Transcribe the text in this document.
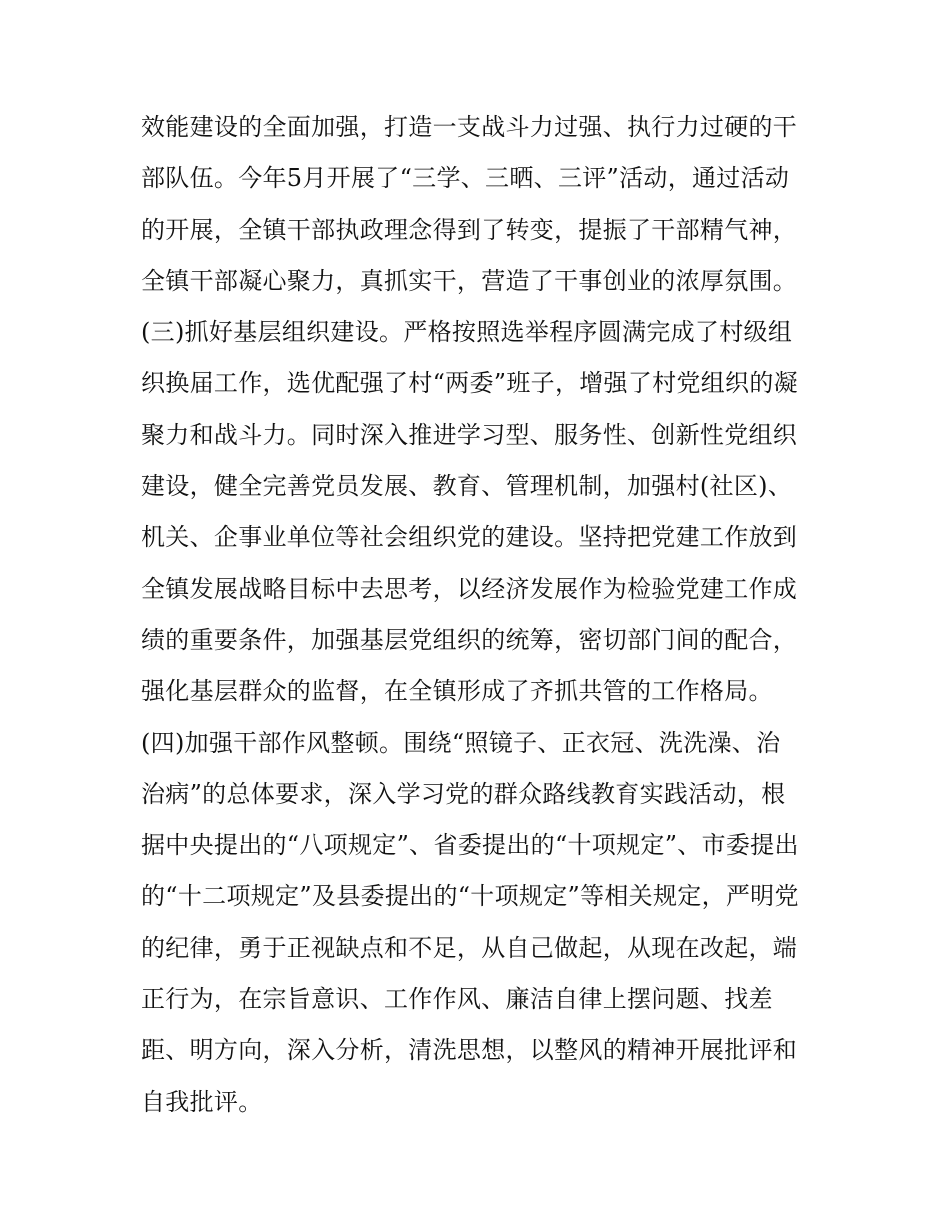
效能建设的全面加强，打造一支战斗力过强、执行力过硬的干
部队伍。今年5月开展了“三学、三晒、三评”活动，通过活动
的开展，全镇干部执政理念得到了转变，提振了干部精气神，
全镇干部凝心聚力，真抓实干，营造了干事创业的浓厚氛围。
(三)抓好基层组织建设。严格按照选举程序圆满完成了村级组
织换届工作，选优配强了村“两委”班子，增强了村党组织的凝
聚力和战斗力。同时深入推进学习型、服务性、创新性党组织
建设，健全完善党员发展、教育、管理机制，加强村(社区)、
机关、企事业单位等社会组织党的建设。坚持把党建工作放到
全镇发展战略目标中去思考，以经济发展作为检验党建工作成
绩的重要条件，加强基层党组织的统筹，密切部门间的配合，
强化基层群众的监督，在全镇形成了齐抓共管的工作格局。
(四)加强干部作风整顿。围绕“照镜子、正衣冠、洗洗澡、治
治病”的总体要求，深入学习党的群众路线教育实践活动，根
据中央提出的“八项规定”、省委提出的“十项规定”、市委提出
的“十二项规定”及县委提出的“十项规定”等相关规定，严明党
的纪律，勇于正视缺点和不足，从自己做起，从现在改起，端
正行为，在宗旨意识、工作作风、廉洁自律上摆问题、找差
距、明方向，深入分析，清洗思想，以整风的精神开展批评和
自我批评。
